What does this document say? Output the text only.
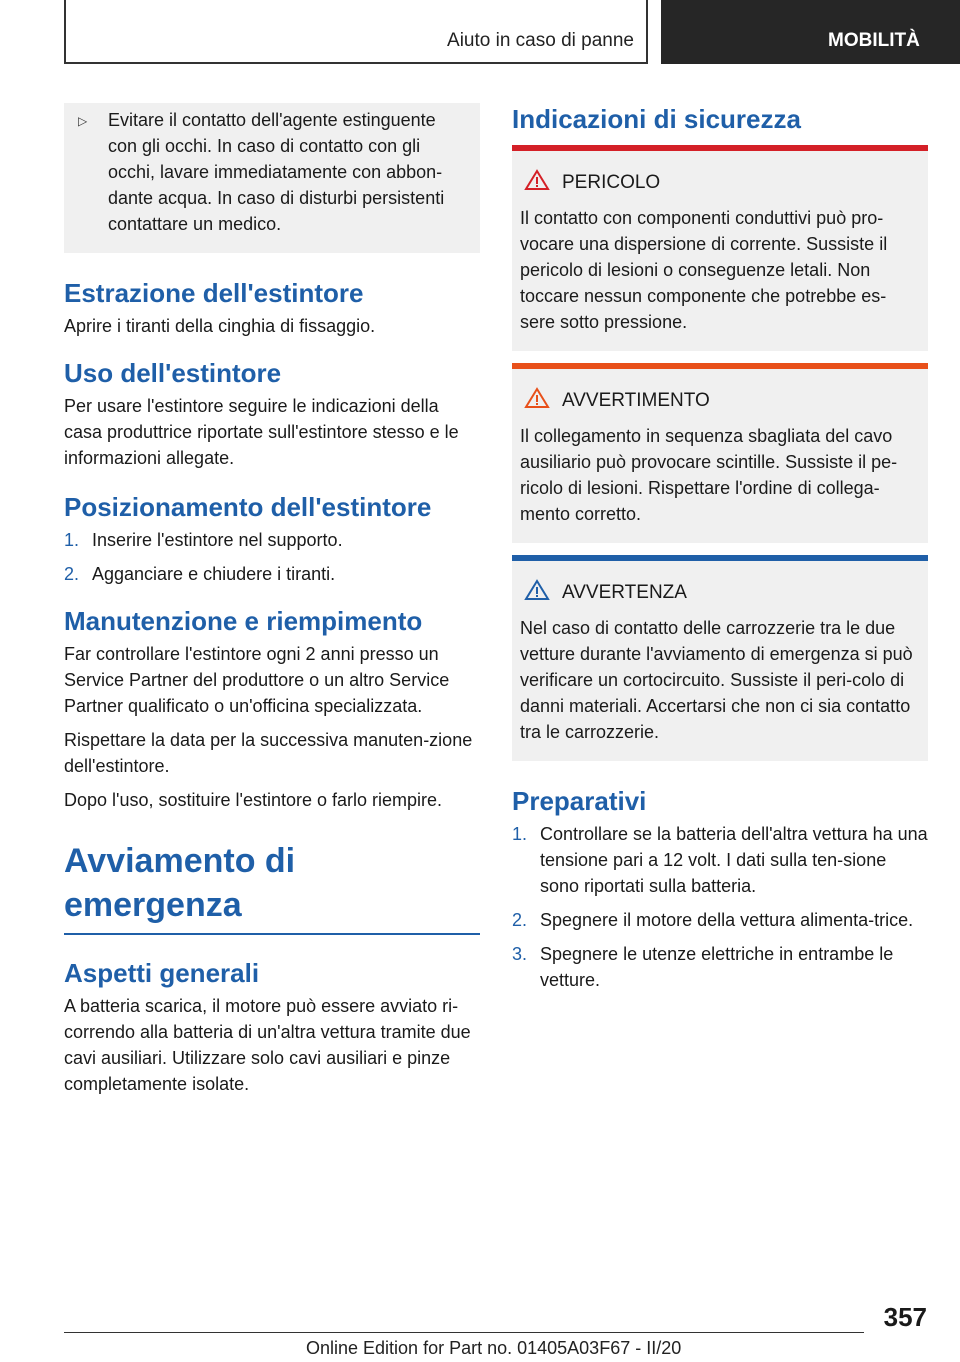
Aiuto in caso di panne	MOBILITÀ
▷	Evitare il contatto dell'agente estinguente con gli occhi. In caso di contatto con gli occhi, lavare immediatamente con abbon-dante acqua. In caso di disturbi persistenti contattare un medico.
Estrazione dell'estintore

Aprire i tiranti della cinghia di fissaggio.

Uso dell'estintore

Per usare l'estintore seguire le indicazioni della casa produttrice riportate sull'estintore stesso e le informazioni allegate.

Posizionamento dell'estintore
1. Inserire l'estintore nel supporto.
2. Agganciare e chiudere i tiranti.
Manutenzione e riempimento

Far controllare l'estintore ogni 2 anni presso un Service Partner del produttore o un altro Service Partner qualificato o un'officina specializzata.

Rispettare la data per la successiva manuten-zione dell'estintore.

Dopo l'uso, sostituire l'estintore o farlo riempire.

Avviamento di emergenza
Aspetti generali

A batteria scarica, il motore può essere avviato ri-correndo alla batteria di un'altra vettura tramite due cavi ausiliari. Utilizzare solo cavi ausiliari e pinze completamente isolate.

Indicazioni di sicurezza
PERICOLO

Il contatto con componenti conduttivi può pro-vocare una dispersione di corrente. Sussiste il pericolo di lesioni o conseguenze letali. Non toccare nessun componente che potrebbe es-sere sotto pressione.

AVVERTIMENTO

Il collegamento in sequenza sbagliata del cavo ausiliario può provocare scintille. Sussiste il pe-ricolo di lesioni. Rispettare l'ordine di collega-mento corretto.

AVVERTENZA

Nel caso di contatto delle carrozzerie tra le due vetture durante l'avviamento di emergenza si può verificare un cortocircuito. Sussiste il peri-colo di danni materiali. Accertarsi che non ci sia contatto tra le carrozzerie.

Preparativi
1. Controllare se la batteria dell'altra vettura ha una tensione pari a 12 volt. I dati sulla ten-sione sono riportati sulla batteria.
2. Spegnere il motore della vettura alimenta-trice.
3. Spegnere le utenze elettriche in entrambe le vetture.
357
Online Edition for Part no. 01405A03F67 - II/20
